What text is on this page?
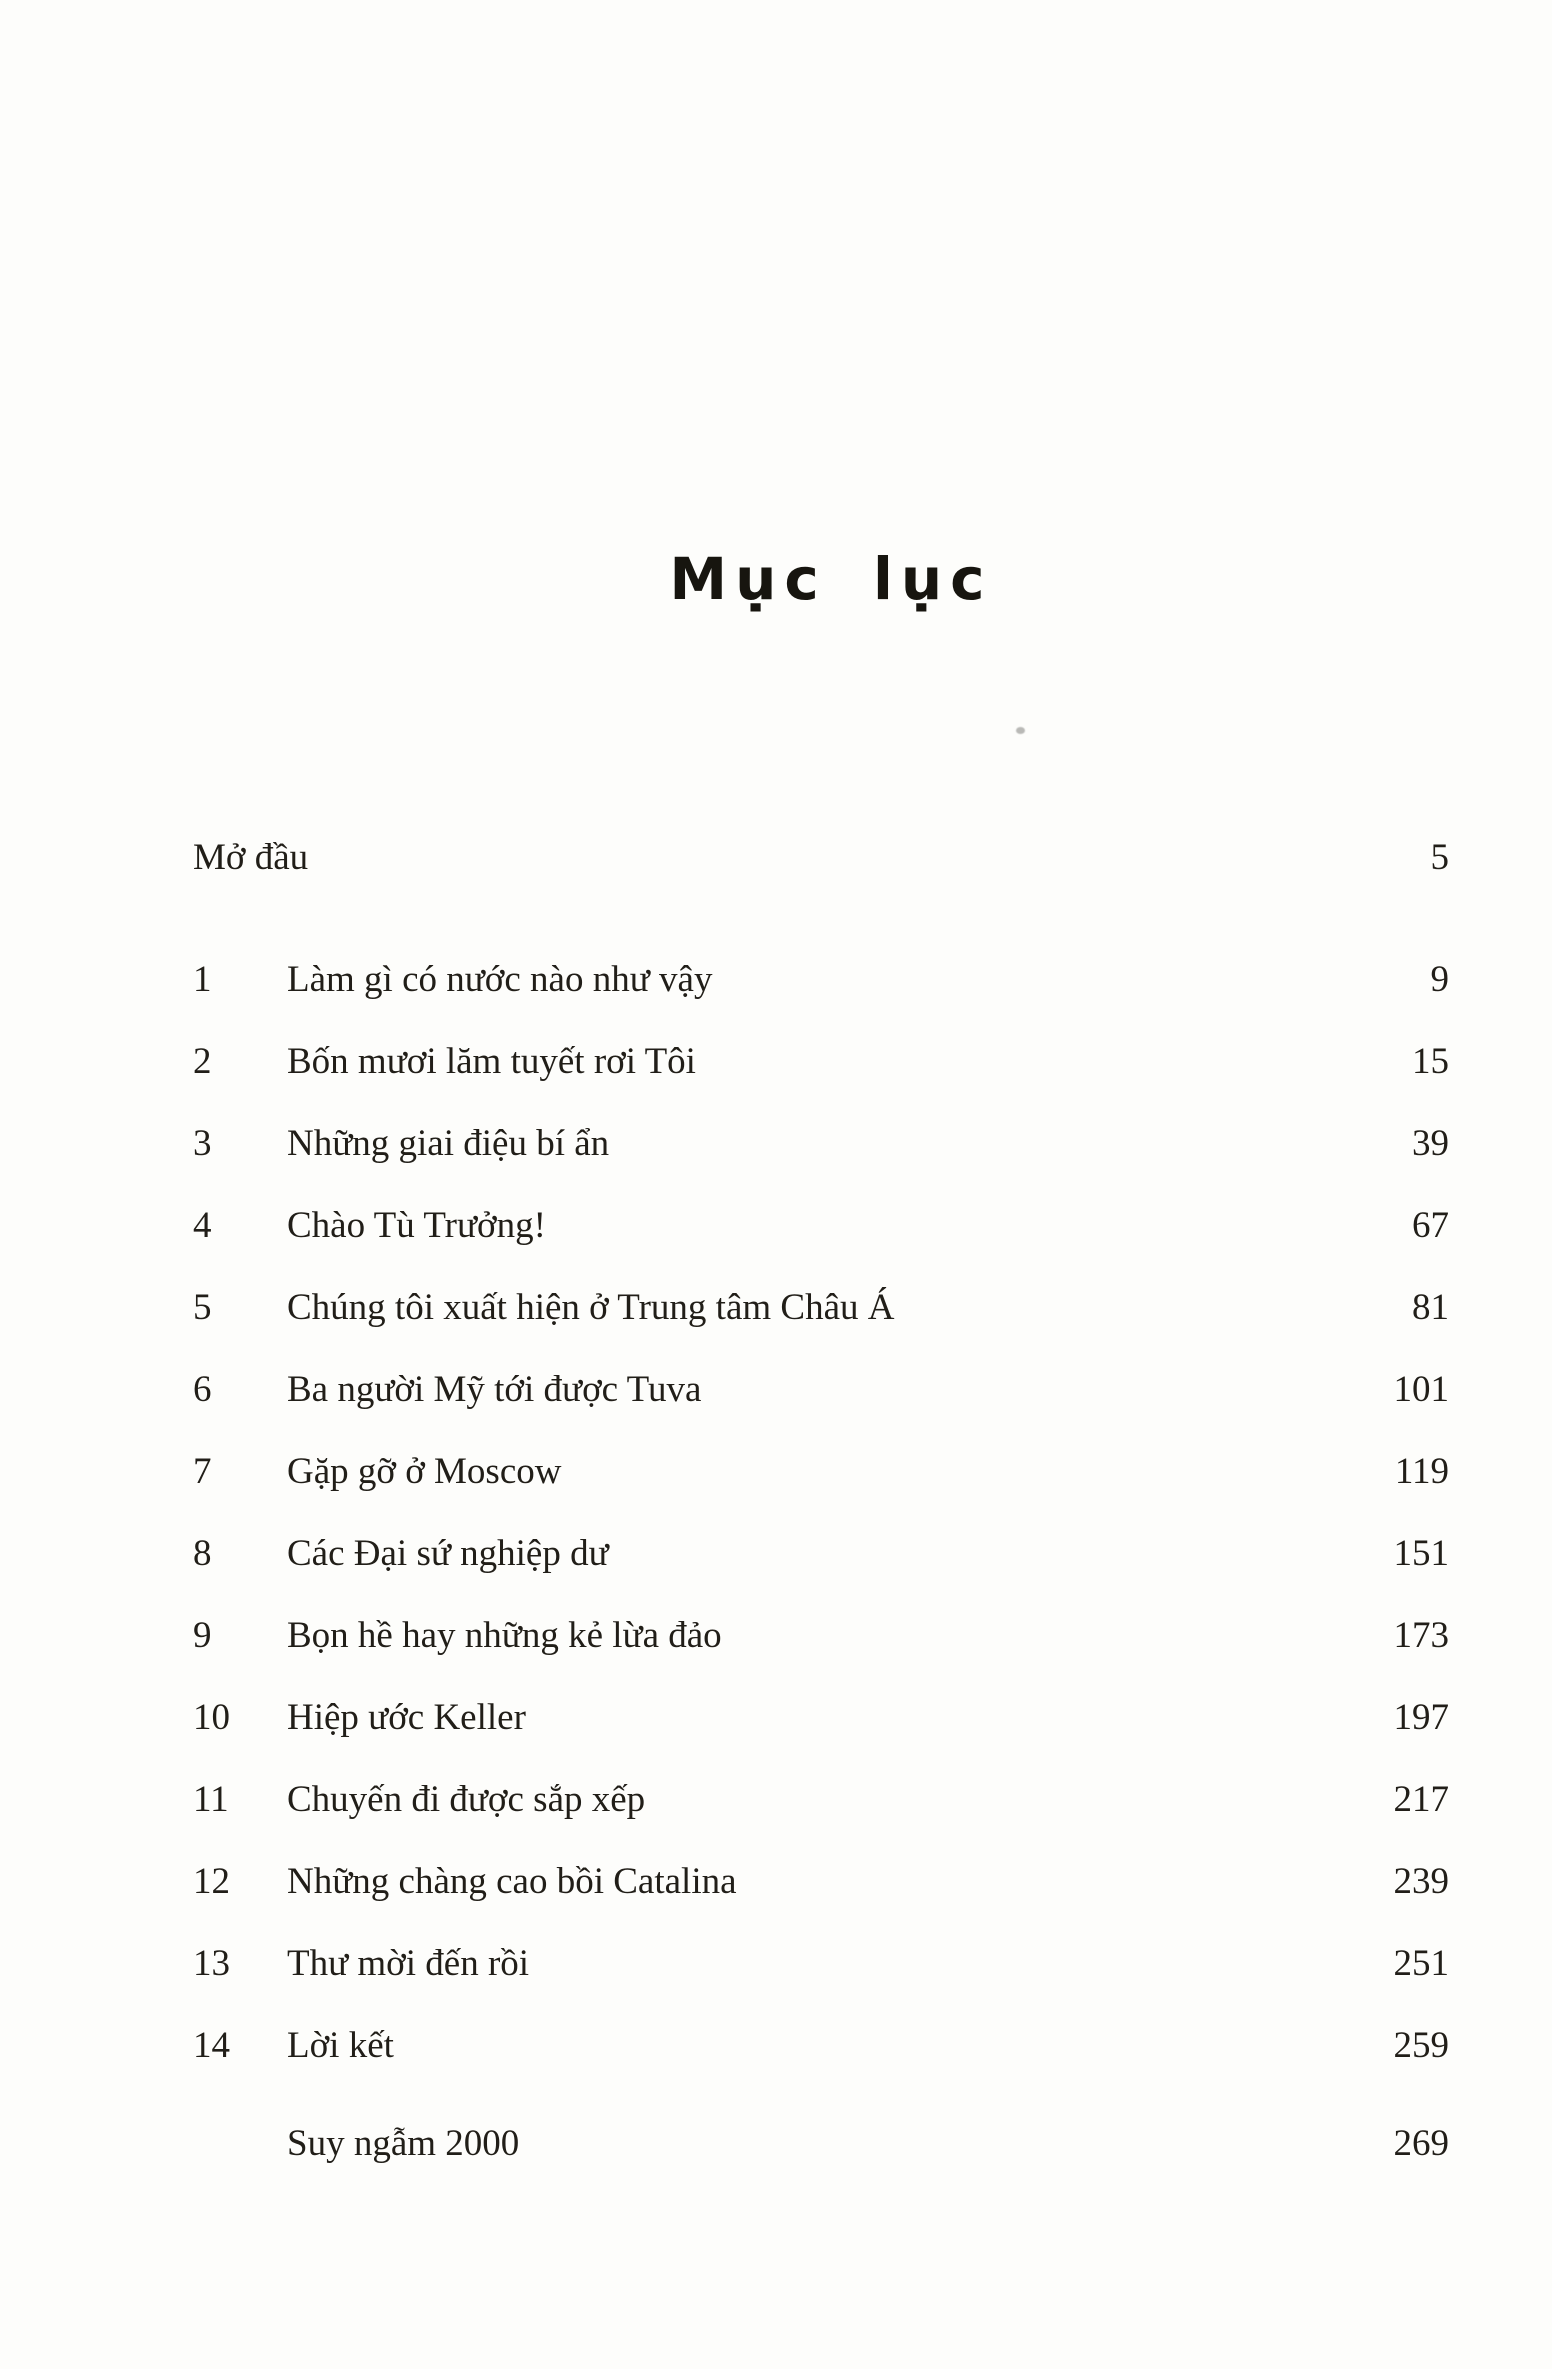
Mục lục
Mở đầu	5
1 Làm gì có nước nào như vậy	9
2 Bốn mươi lăm tuyết rơi Tôi	15
3 Những giai điệu bí ẩn	39
4 Chào Tù Trưởng!	67
5 Chúng tôi xuất hiện ở Trung tâm Châu Á	81
6 Ba người Mỹ tới được Tuva	101
7 Gặp gỡ ở Moscow	119
8 Các Đại sứ nghiệp dư	151
9 Bọn hề hay những kẻ lừa đảo	173
10 Hiệp ước Keller	197
11 Chuyến đi được sắp xếp	217
12 Những chàng cao bồi Catalina	239
13 Thư mời đến rồi	251
14 Lời kết	259
Suy ngẫm 2000	269
